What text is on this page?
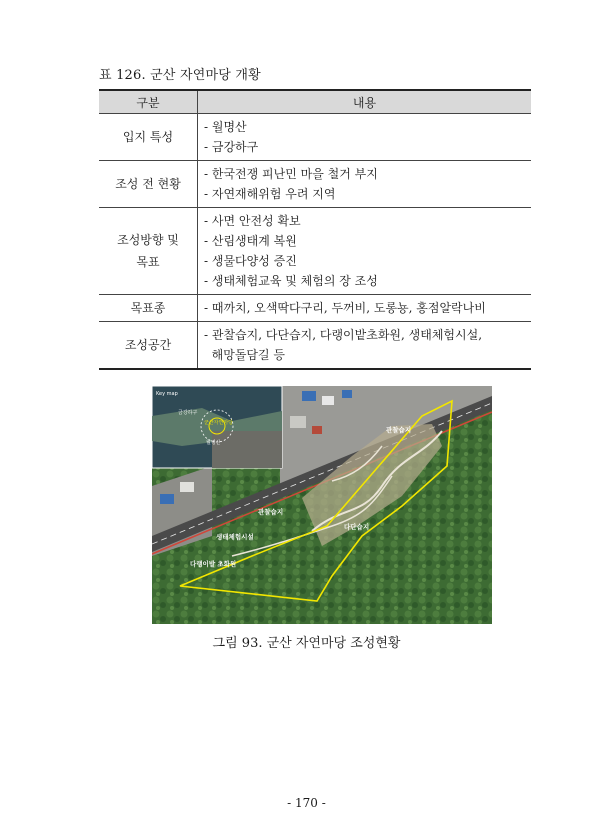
표 126. 군산 자연마당 개황
구분	내용
입지 특성	- 월명산
- 금강하구

조성 전 현황	- 한국전쟁 피난민 마을 철거 부지
- 자연재해위험 우려 지역

조성방향 및
목표	- 사면 안전성 확보
- 산림생태계 복원
- 생물다양성 증진
- 생태체험교육 및 체험의 장 조성

목표종	- 때까치, 오색딱다구리, 두꺼비, 도롱뇽, 홍점알락나비

조성공간	- 관찰습지, 다단습지, 다랭이밭초화원, 생태체험시설,
해망돌담길 등
Key map
금강하구
군산자연마당
월명산
관찰습지
관찰습지
다단습지
생태체험시설
다랭이밭 초화원
그림 93. 군산 자연마당 조성현황
- 170 -
